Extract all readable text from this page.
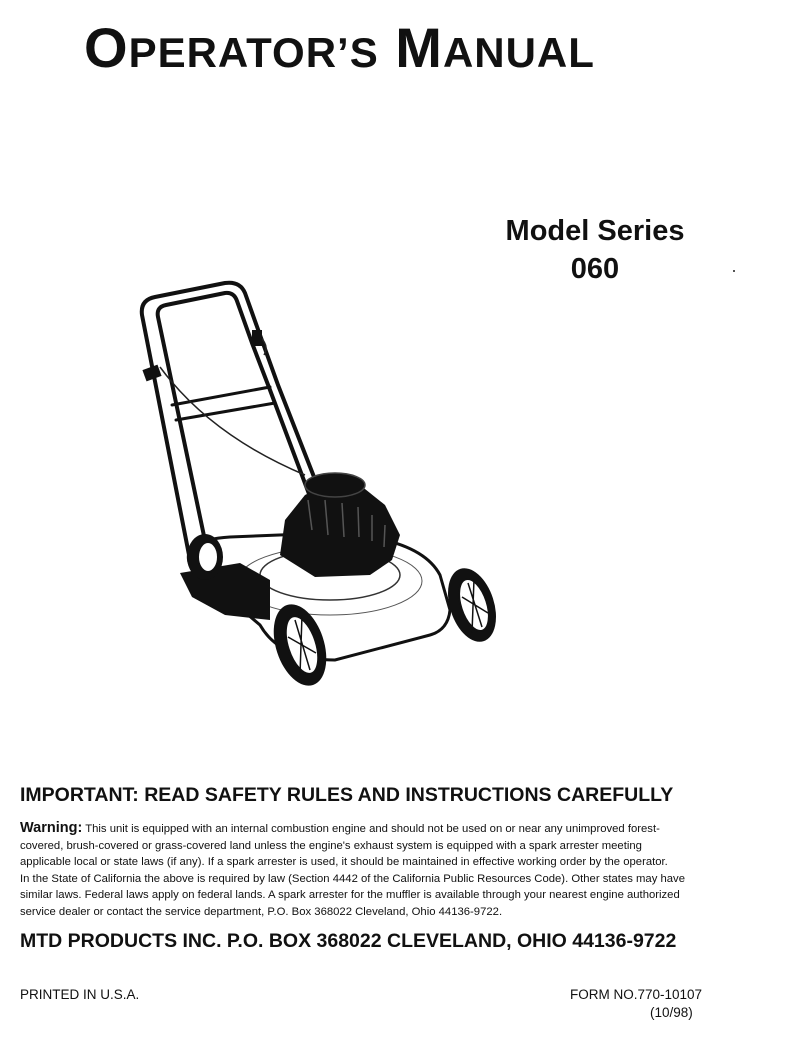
OPERATOR’S MANUAL
Model Series
060
IMPORTANT: READ SAFETY RULES AND INSTRUCTIONS CAREFULLY
Warning: This unit is equipped with an internal combustion engine and should not be used on or near any unimproved forest-
covered, brush-covered or grass-covered land unless the engine's exhaust system is equipped with a spark arrester meeting
applicable local or state laws (if any). If a spark arrester is used, it should be maintained in effective working order by the operator.
In the State of California the above is required by law (Section 4442 of the California Public Resources Code). Other states may have
similar laws. Federal laws apply on federal lands. A spark arrester for the muffler is available through your nearest engine authorized
service dealer or contact the service department, P.O. Box 368022 Cleveland, Ohio 44136-9722.
MTD PRODUCTS INC. P.O. BOX 368022 CLEVELAND, OHIO 44136-9722
PRINTED IN U.S.A.	FORM NO.770-10107
(10/98)
